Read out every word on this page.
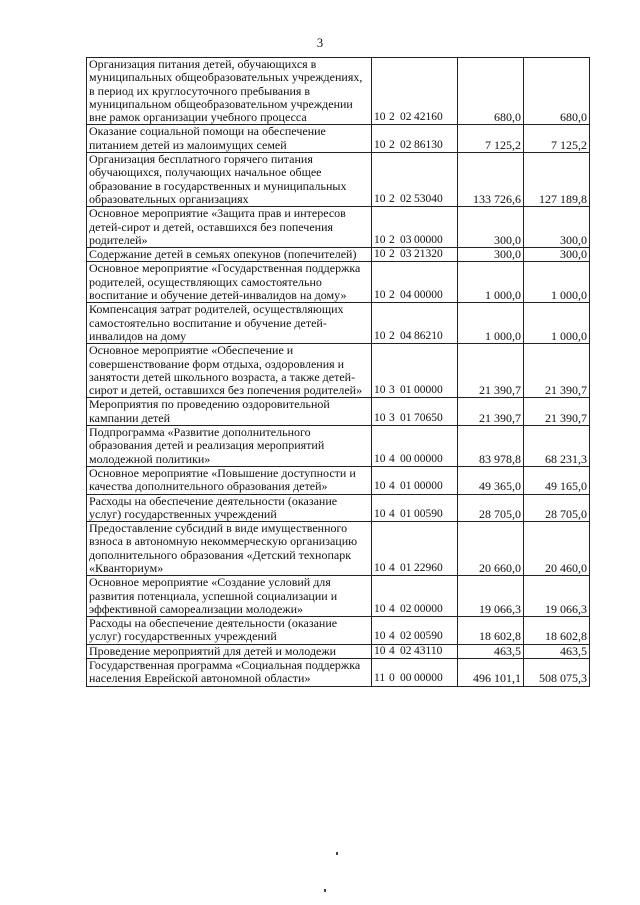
3
Организация питания детей, обучающихся в муниципальных общеобразовательных учреждениях, в период их круглосуточного пребывания в муниципальном общеобразовательном учреждении вне рамок организации учебного процесса	10 2 02 42160	680,0	680,0
Оказание социальной помощи на обеспечение питанием детей из малоимущих семей	10 2 02 86130	7 125,2	7 125,2
Организация бесплатного горячего питания обучающихся, получающих начальное общее образование в государственных и муниципальных образовательных организациях	10 2 02 53040	133 726,6	127 189,8
Основное мероприятие «Защита прав и интересов детей-сирот и детей, оставшихся без попечения родителей»	10 2 03 00000	300,0	300,0
Содержание детей в семьях опекунов (попечителей)	10 2 03 21320	300,0	300,0
Основное мероприятие «Государственная поддержка родителей, осуществляющих самостоятельно воспитание и обучение детей-инвалидов на дому»	10 2 04 00000	1 000,0	1 000,0
Компенсация затрат родителей, осуществляющих самостоятельно воспитание и обучение детей-инвалидов на дому	10 2 04 86210	1 000,0	1 000,0
Основное мероприятие «Обеспечение и совершенствование форм отдыха, оздоровления и занятости детей школьного возраста, а также детей-сирот и детей, оставшихся без попечения родителей»	10 3 01 00000	21 390,7	21 390,7
Мероприятия по проведению оздоровительной кампании детей	10 3 01 70650	21 390,7	21 390,7
Подпрограмма «Развитие дополнительного образования детей и реализация мероприятий молодежной политики»	10 4 00 00000	83 978,8	68 231,3
Основное мероприятие «Повышение доступности и качества дополнительного образования детей»	10 4 01 00000	49 365,0	49 165,0
Расходы на обеспечение деятельности (оказание услуг) государственных учреждений	10 4 01 00590	28 705,0	28 705,0
Предоставление субсидий в виде имущественного взноса в автономную некоммерческую организацию дополнительного образования «Детский технопарк «Кванториум»	10 4 01 22960	20 660,0	20 460,0
Основное мероприятие «Создание условий для развития потенциала, успешной социализации и эффективной самореализации молодежи»	10 4 02 00000	19 066,3	19 066,3
Расходы на обеспечение деятельности (оказание услуг) государственных учреждений	10 4 02 00590	18 602,8	18 602,8
Проведение мероприятий для детей и молодежи	10 4 02 43110	463,5	463,5
Государственная программа «Социальная поддержка населения Еврейской автономной области»	11 0 00 00000	496 101,1	508 075,3
